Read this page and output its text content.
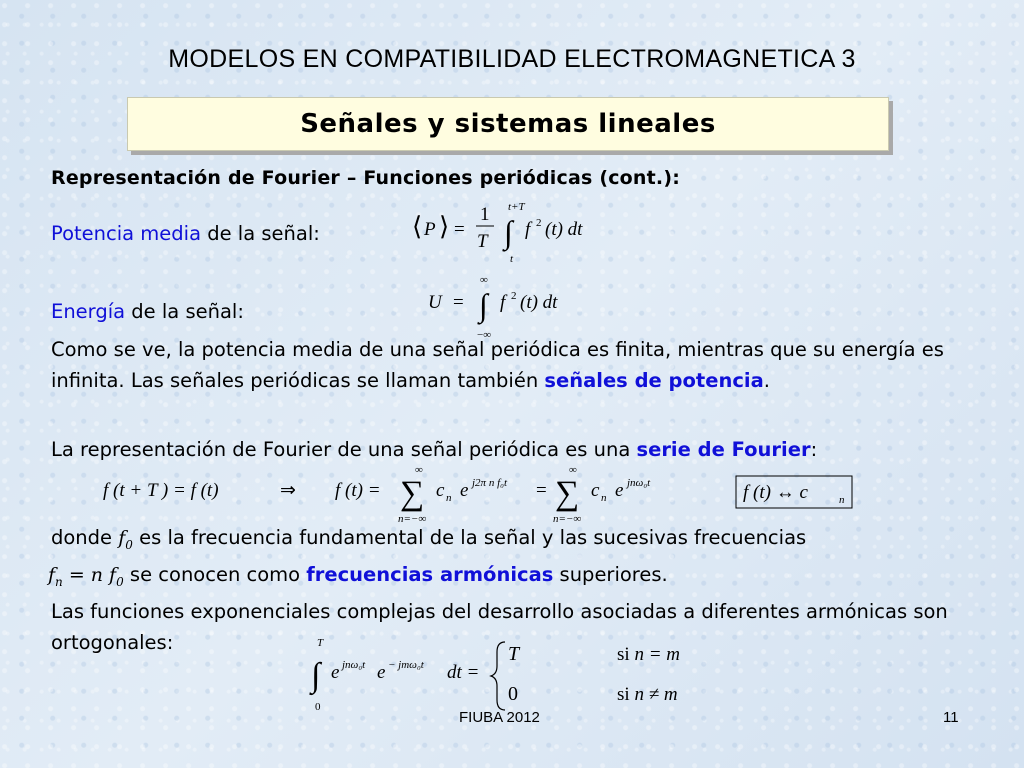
MODELOS EN COMPATIBILIDAD ELECTROMAGNETICA 3
Señales y sistemas lineales
Representación de Fourier – Funciones periódicas (cont.):
Potencia media de la señal:	⟨ P ⟩ =
1
T
t+T
∫
t
f 2 (t) dt
Energía de la señal:	U =
∞
∫
−∞
f 2 (t) dt
Como se ve, la potencia media de una señal periódica es finita, mientras que su energía es infinita. Las señales periódicas se llaman también señales de potencia.
La representación de Fourier de una señal periódica es una serie de Fourier:
f (t + T ) = f (t)	⇒ f (t) =
∞
∑
n=−∞
c n e j2π n f₀t =
∞
∑
n=−∞
c n e jnω₀t	f (t) ↔ c	n
donde $f_0$ es la frecuencia fundamental de la señal y las sucesivas frecuencias
$f_n = n$ $f_0$ se conocen como frecuencias armónicas superiores.
Las funciones exponenciales complejas del desarrollo asociadas a diferentes armónicas son ortogonales:	T
∫
0
e jnω₀t e − jmω₀t dt =
T
0
si n = m
si n ≠ m
FIUBA 2012	11
